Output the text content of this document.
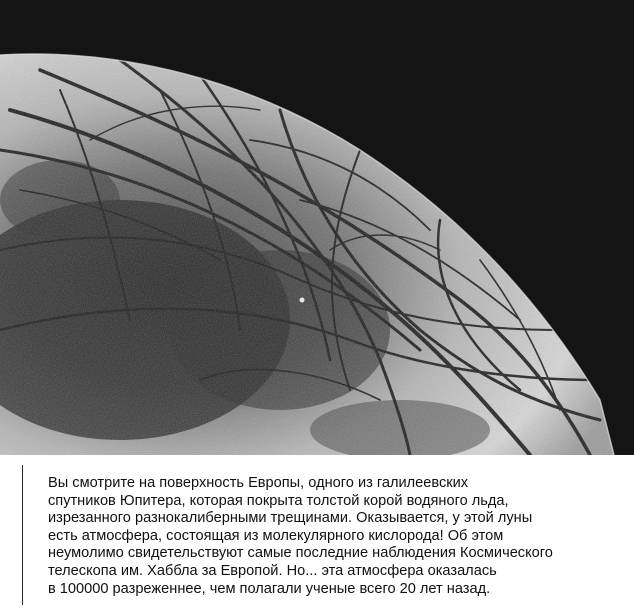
Вы смотрите на поверхность Европы, одного из галилеевских
спутников Юпитера, которая покрыта толстой корой водяного льда,
изрезанного разнокалиберными трещинами. Оказывается, у этой луны
есть атмосфера, состоящая из молекулярного кислорода! Об этом
неумолимо свидетельствуют самые последние наблюдения Космического
телескопа им. Хаббла за Европой. Но... эта атмосфера оказалась
в 100000 разреженнее, чем полагали ученые всего 20 лет назад.
